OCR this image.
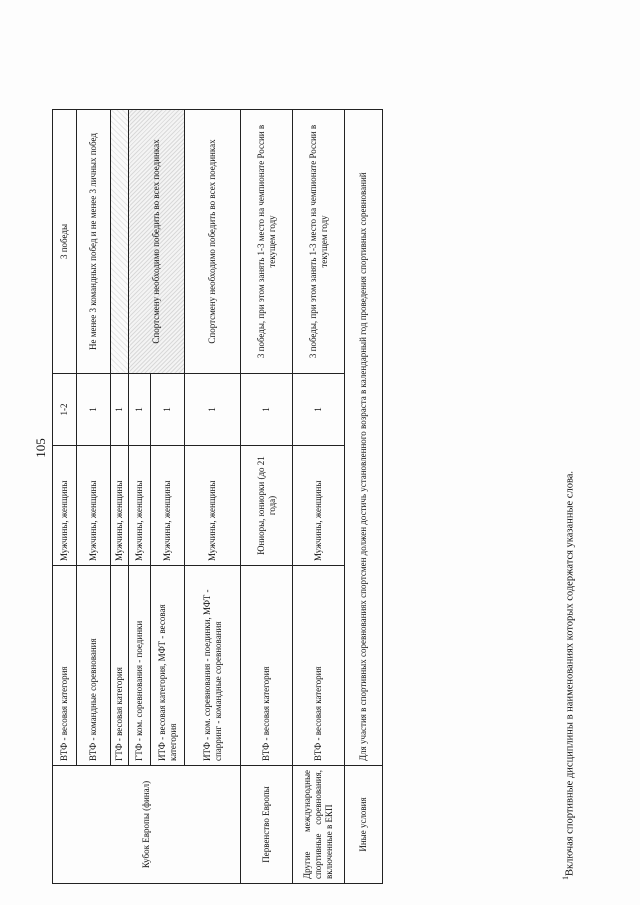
105
Кубок Европы (финал)	ВТФ - весовая категория	Мужчины, женщины	1-2	3 победы
	ВТФ - командные соревнования	Мужчины, женщины	1	Не менее 3 командных побед и не менее 3 личных побед
	ГТФ - весовая категория	Мужчины, женщины	1	
	ГТФ - ком. соревнования - поединки	Мужчины, женщины	1	Спортсмену необходимо победить во всех поединках
	ИТФ - весовая категория, МФТ - весовая категория	Мужчины, женщины	1	
	ИТФ - ком. соревнования - поединки, МФТ - спарринг - командные соревнования	Мужчины, женщины	1	Спортсмену необходимо победить во всех поединках
Первенство Европы	ВТФ - весовая категория	Юниоры, юниорки (до 21 года)	1	3 победы, при этом занять 1-3 место на чемпионате России в текущем году
Другие международные спортивные соревнования, включенные в ЕКП	ВТФ - весовая категория	Мужчины, женщины	1	3 победы, при этом занять 1-3 место на чемпионате России в текущем году
Иные условия	Для участия в спортивных соревнованиях спортсмен должен достичь установленного возраста в календарный год проведения спортивных соревнований			
$^1$Включая спортивные дисциплины в наименованиях которых содержатся указанные слова.
